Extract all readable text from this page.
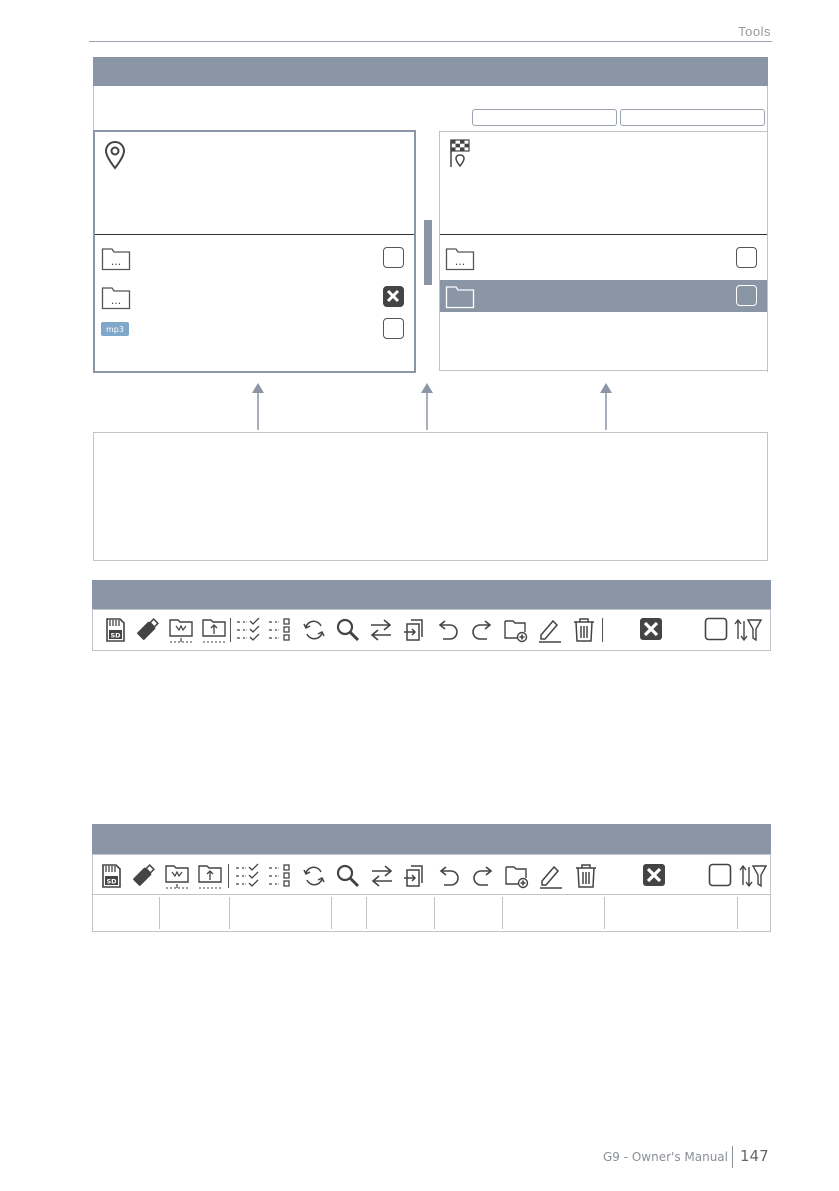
Tools
...
...
mp3
...
SD
SD
G9 - Owner's Manual 147
